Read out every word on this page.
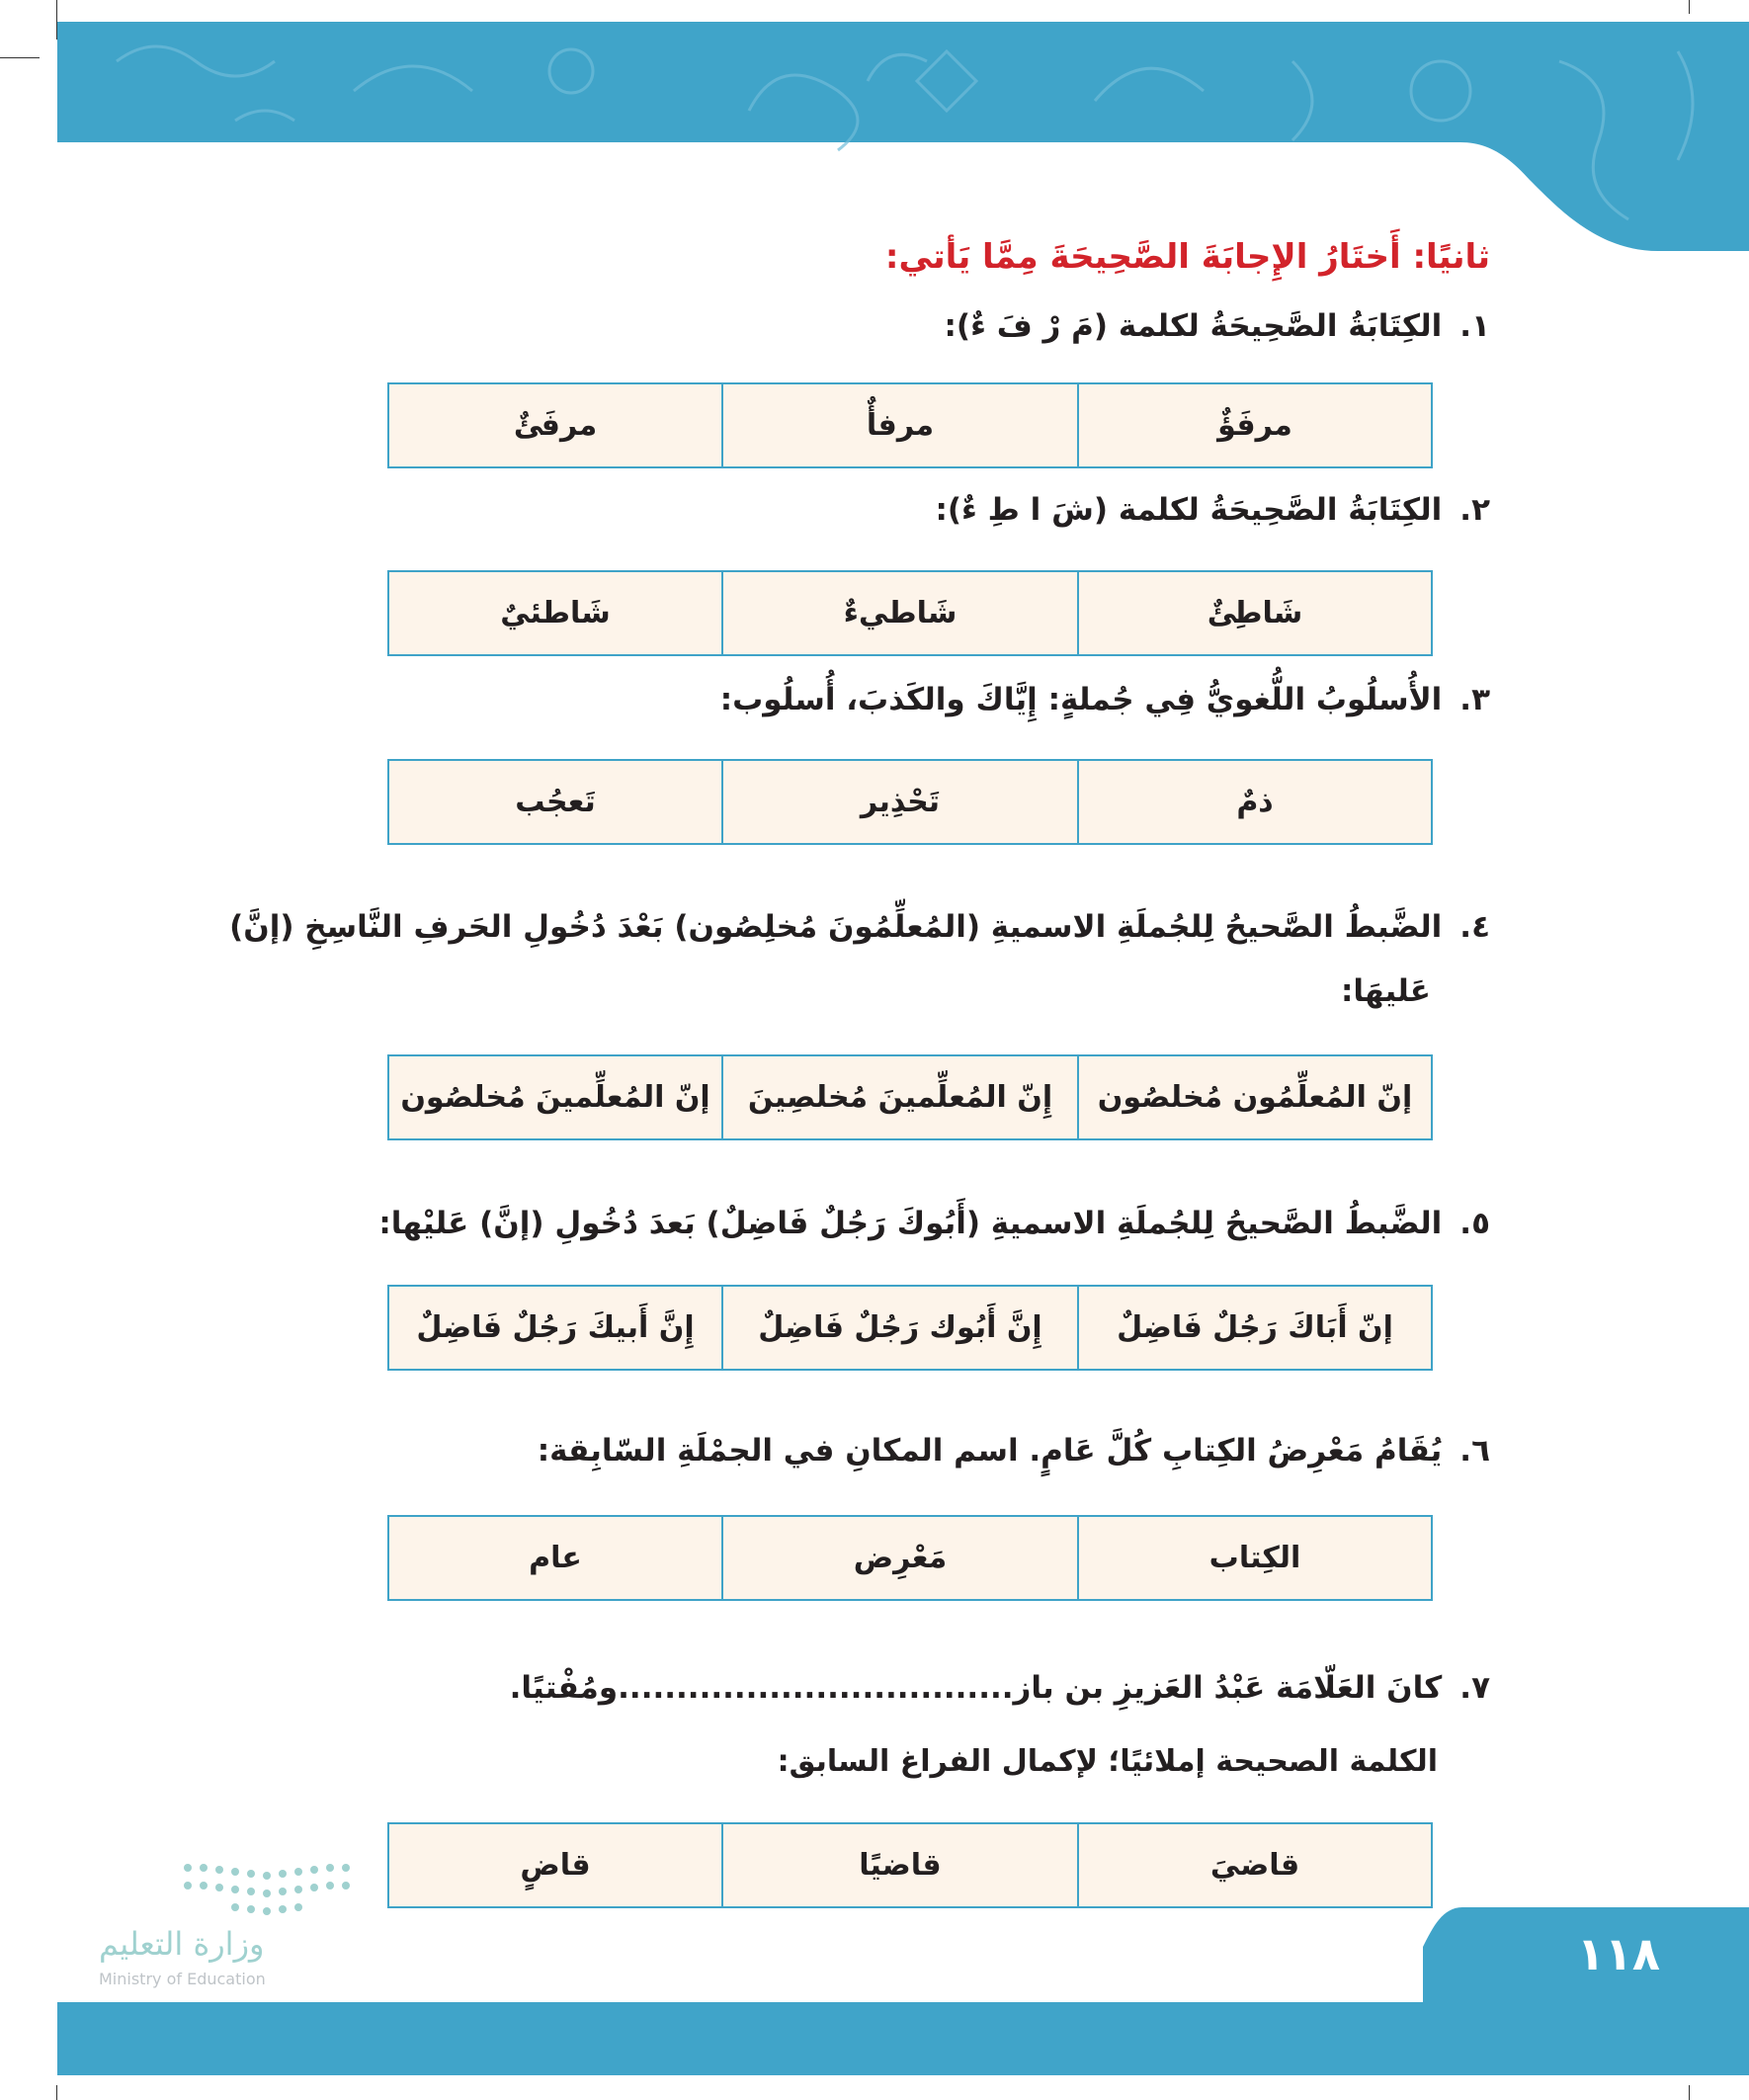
ثانيًا: أَختَارُ الإِجابَةَ الصَّحِيحَةَ مِمَّا يَأتي:
١.الكِتَابَةُ الصَّحِيحَةُ لكلمة (مَ رْ فَ ءٌ):
مرفَؤٌ
مرفأٌ
مرفَئٌ
٢.الكِتَابَةُ الصَّحِيحَةُ لكلمة (شَ ا طِ ءٌ):
شَاطِئٌ
شَاطيءٌ
شَاطئيٌ
٣.الأُسلُوبُ اللُّغويُّ فِي جُملةٍ: إِيَّاكَ والكَذبَ، أُسلُوب:
ذمٌ
تَحْذِير
تَعجُب
٤.الضَّبطُ الصَّحيحُ لِلجُملَةِ الاسميةِ (المُعلِّمُونَ مُخلِصُون) بَعْدَ دُخُولِ الحَرفِ النَّاسِخِ (إنَّ)
عَليهَا:
إنّ المُعلِّمُون مُخلصُون
إِنّ المُعلِّمينَ مُخلصِينَ
إنّ المُعلِّمينَ مُخلصُون
٥.الضَّبطُ الصَّحيحُ لِلجُملَةِ الاسميةِ (أَبُوكَ رَجُلٌ فَاضِلٌ) بَعدَ دُخُولِ (إنَّ) عَليْها:
إنّ أَبَاكَ رَجُلٌ فَاضِلٌ
إِنَّ أَبُوك رَجُلٌ فَاضِلٌ
إِنَّ أَبيكَ رَجُلٌ فَاضِلٌ
٦.يُقَامُ مَعْرِضُ الكِتابِ كُلَّ عَامٍ. اسم المكانِ في الجمْلَةِ السّابِقة:
الكِتاب
مَعْرِض
عام
٧.كانَ العَلّامَة عَبْدُ العَزيزِ بن باز..................................ومُفْتيًا.
الكلمة الصحيحة إملائيًا؛ لإكمال الفراغ السابق:
قاضيَ
قاضيًا
قاضٍ
وزارة التعليم
Ministry of Education	١١٨
